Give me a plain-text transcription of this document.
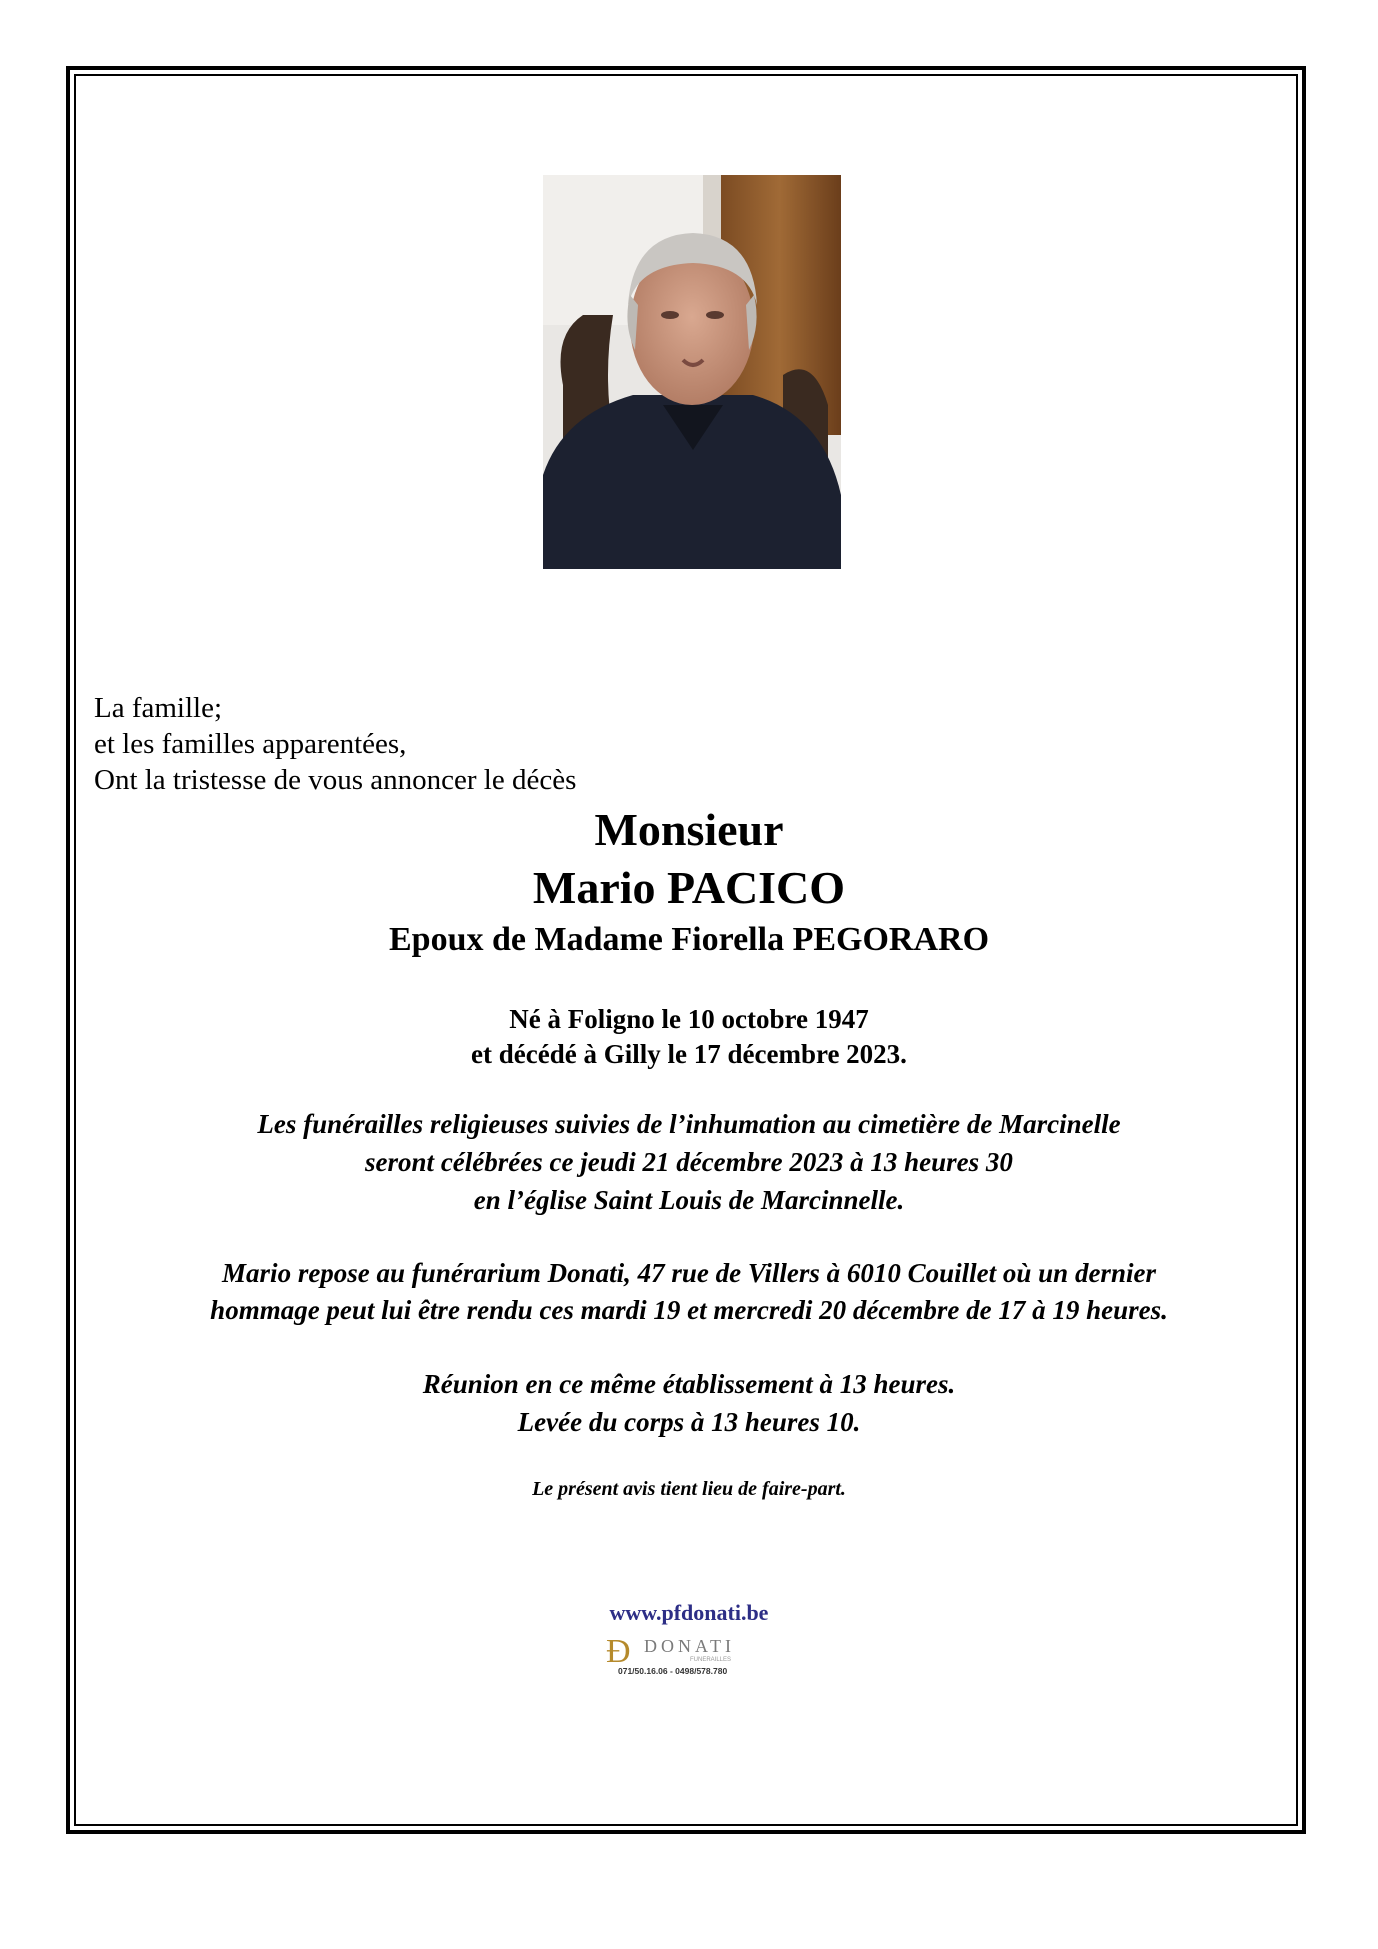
La famille;
et les familles apparentées,
Ont la tristesse de vous annoncer le décès
Monsieur
Mario PACICO
Epoux de Madame Fiorella PEGORARO
Né à Foligno le 10 octobre 1947
et décédé à Gilly le 17 décembre 2023.
Les funérailles religieuses suivies de l’inhumation au cimetière de Marcinelle
seront célébrées ce jeudi 21 décembre 2023 à 13 heures 30
en l’église Saint Louis de Marcinnelle.
Mario repose au funérarium Donati, 47 rue de Villers à 6010 Couillet où un dernier
hommage peut lui être rendu ces mardi 19 et mercredi 20 décembre de 17 à 19 heures.
Réunion en ce même établissement à 13 heures.
Levée du corps à 13 heures 10.
Le présent avis tient lieu de faire-part.
www.pfdonati.be
Ð DONATI
FUNERAILLES
071/50.16.06 - 0498/578.780
